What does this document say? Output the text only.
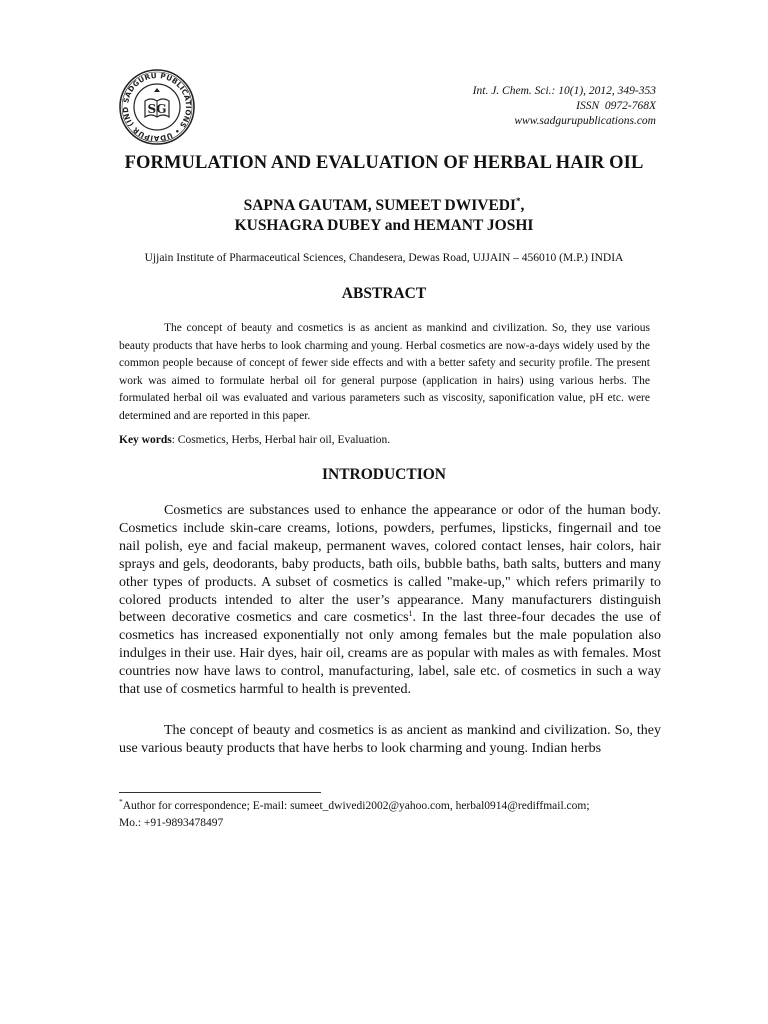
SADGURU PUBLICATIONS • UDAIPUR (IND	SG
Int. J. Chem. Sci.: 10(1), 2012, 349-353
ISSN  0972-768X
www.sadgurupublications.com
FORMULATION AND EVALUATION OF HERBAL HAIR OIL
SAPNA GAUTAM, SUMEET DWIVEDI*,
KUSHAGRA DUBEY and HEMANT JOSHI
Ujjain Institute of Pharmaceutical Sciences, Chandesera, Dewas Road, UJJAIN – 456010 (M.P.) INDIA
ABSTRACT

The concept of beauty and cosmetics is as ancient as mankind and civilization. So, they use various beauty products that have herbs to look charming and young. Herbal cosmetics are now-a-days widely used by the common people because of concept of fewer side effects and with a better safety and security profile. The present work was aimed to formulate herbal oil for general purpose (application in hairs) using various herbs. The formulated herbal oil was evaluated and various parameters such as viscosity, saponification value, pH etc. were determined and are reported in this paper.

Key words: Cosmetics, Herbs, Herbal hair oil, Evaluation.
INTRODUCTION

Cosmetics are substances used to enhance the appearance or odor of the human body. Cosmetics include skin-care creams, lotions, powders, perfumes, lipsticks, fingernail and toe nail polish, eye and facial makeup, permanent waves, colored contact lenses, hair colors, hair sprays and gels, deodorants, baby products, bath oils, bubble baths, bath salts, butters and many other types of products. A subset of cosmetics is called "make-up," which refers primarily to colored products intended to alter the user’s appearance. Many manufacturers distinguish between decorative cosmetics and care cosmetics$^1$. In the last three-four decades the use of cosmetics has increased exponentially not only among females but the male population also indulges in their use. Hair dyes, hair oil, creams are as popular with males as with females. Most countries now have laws to control, manufacturing, label, sale etc. of cosmetics in such a way that use of cosmetics harmful to health is prevented.

The concept of beauty and cosmetics is as ancient as mankind and civilization. So, they use various beauty products that have herbs to look charming and young. Indian herbs

*Author for correspondence; E-mail: sumeet_dwivedi2002@yahoo.com, herbal0914@rediffmail.com;
Mo.: +91-9893478497
